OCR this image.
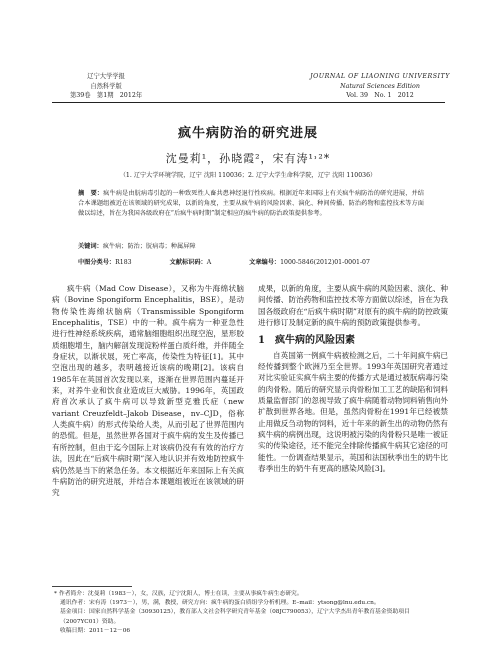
辽宁大学学报
自然科学版
第39卷　第1期　2012年
JOURNAL OF LIAONING UNIVERSITY
Natural Sciences Edition
Vol. 39　No. 1　2012
疯牛病防治的研究进展
沈曼莉¹，孙晓霞²，宋有涛¹˒²*
（1. 辽宁大学环境学院，辽宁 沈阳 110036；2. 辽宁大学生命科学院，辽宁 沈阳 110036）
摘　要：疯牛病是由朊病毒引起的一种致死性人畜共患神经退行性疾病。根据近年来国际上有关疯牛病防治的研究进展，并结合本课题组被近在该领域的研究成果，以新的角度，主要从疯牛病的风险因素、演化、种间传播、防治药物和监控技术等方面做以综述，旨在为我国各级政府在“后疯牛病时期”制定相应的疯牛病的防治政策提供参考。
关键词：疯牛病；防治；朊病毒；种属屏障
中图分类号：R183	文献标识码：A	文章编号：1000-5846(2012)01-0001-07

疯牛病（Mad Cow Disease），又称为牛海绵状脑病（Bovine Spongiform Encephalitis，BSE），是动物传染性海绵状脑病（Transmissible Spongiform Encephalitis，TSE）中的一种。疯牛病为一种亚急性进行性神经系统疾病，通常脑细胞组织出现空泡，星形胶质细胞增生，脑内解剖发现淀粉样蛋白质纤维，并伴随全身症状，以渐状展，死亡率高，传染性为特征[1]。其中空泡出现的越多，表明越接近该病的晚期[2]。该病自1985年在英国首次发现以来，逐渐在世界范围内蔓延开来，对养牛业和饮食业造成巨大威胁。1996年，英国政府首次承认了疯牛病可以导致新型克雅氏症（new variant Creuzfeldt–Jakob Disease，nv–CJD，俗称人类疯牛病）的形式传染给人类，从而引起了世界范围内的恐慌。但是，虽然世界各国对于疯牛病的发生及传播已有所控制，但由于迄今国际上对该病仍没有有效的治疗方法，因此在“后疯牛病时期”深入地认识并有效地防控疯牛病仍然是当下的紧急任务。本文根据近年来国际上有关疯牛病防治的研究进展，并结合本课题组被近在该领域的研究

成果，以新的角度，主要从疯牛病的风险因素、演化、种间传播、防治药物和监控技术等方面做以综述，旨在为我国各级政府在“后疯牛病时期”对原有的疯牛病的防控政策进行修订及制定新的疯牛病的预防政策提供参考。

1 疯牛病的风险因素

自英国第一例疯牛病被检测之后，二十年间疯牛病已经传播到整个欧洲乃至全世界。1993年英国研究者通过对比实验证实疯牛病主要的传播方式是通过被朊病毒污染的肉骨粉。随后的研究显示肉骨粉加工工艺的缺陷和饲料质量监督部门的忽视导致了疯牛病随着动物饲料销售向外扩散到世界各地。但是，虽然肉骨粉在1991年已经被禁止用做反刍动物的饲料，近十年来的新生出的动物仍然有疯牛病的病例出现，这说明被污染的肉骨粉只是唯一被证实的传染途径，还不能完全排除传播疯牛病其它途径的可能性。一份调查结果显示，英国和法国秋季出生的奶牛比春季出生的奶牛有更高的感染风险[3]。

* 作者简介：沈曼莉（1983－），女，汉族，辽宁沈阳人，博士在读，主要从事疯牛病生态研究。
通讯作者：宋有涛（1973－），男，满，教授，研究方向：疯牛病的蛋白质组学分析机理。E–mail：ytsong@lnu.edu.cn。
基金项目：国家自然科学基金（30930125），教育部人文社会科学研究青年基金（08JC790053），辽宁大学杰出青年教育基金资助项目（2007YC01）资助。
收稿日期：2011－12－06
